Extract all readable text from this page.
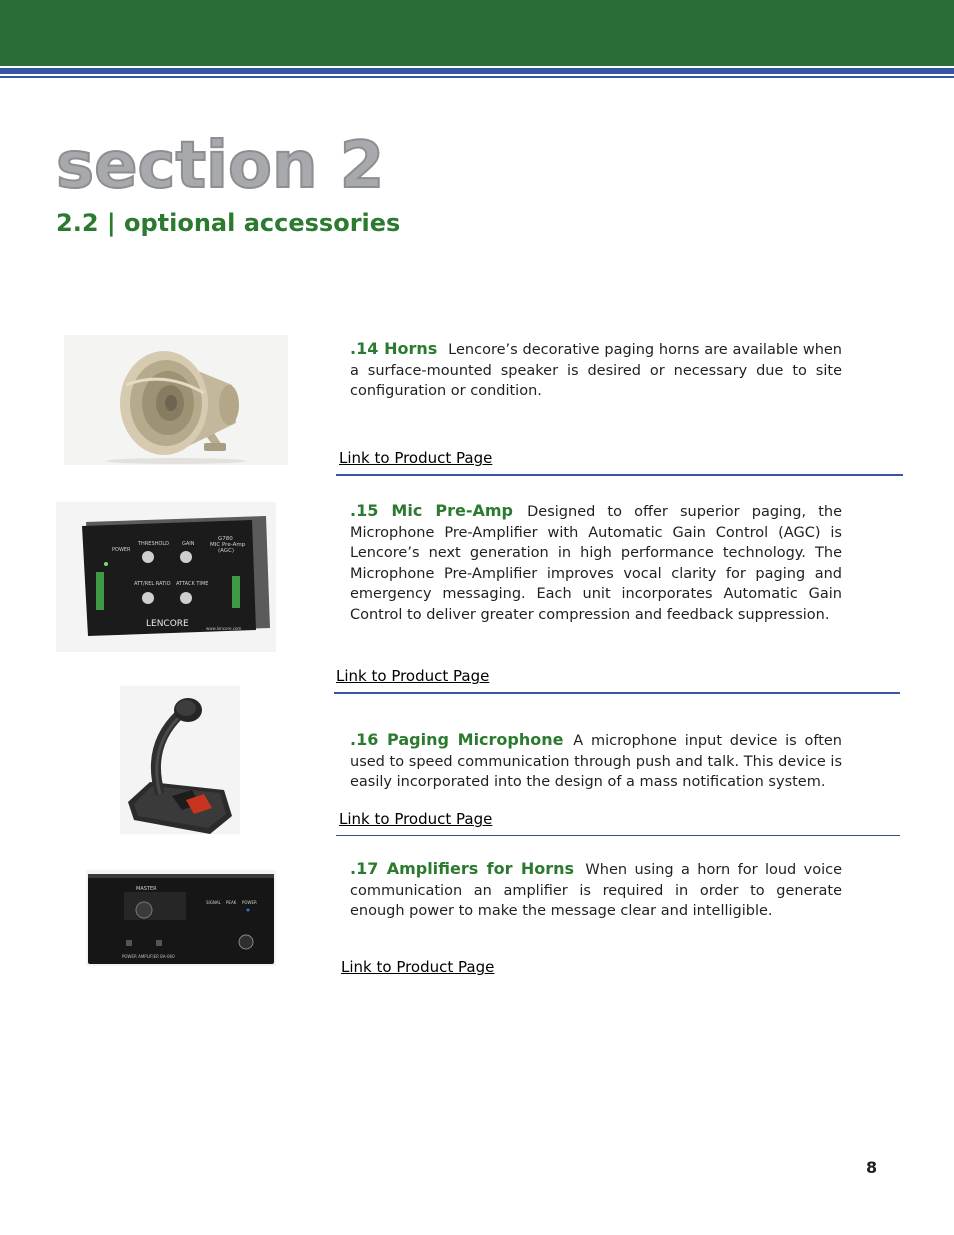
section 2
2.2 | optional accessories

.14 Horns Lencore’s decorative paging horns are available when a surface-mounted speaker is desired or necessary due to site configuration or condition.

Link to Product Page
POWER
THRESHOLD	GAIN
ATT/REL RATIO ATTACK TIME
G780
MIC Pre-Amp
(AGC)
LENCORE	www.lencore.com

.15 Mic Pre-Amp Designed to offer superior paging, the Microphone Pre-Amplifier with Automatic Gain Control (AGC) is Lencore’s next generation in high performance technology. The Microphone Pre-Amplifier improves vocal clarity for paging and emergency messaging. Each unit incorporates Automatic Gain Control to deliver greater compression and feedback suppression.

Link to Product Page

.16 Paging Microphone A microphone input device is often used to speed communication through push and talk. This device is easily incorporated into the design of a mass notification system.

Link to Product Page
MASTER
SIGNAL PEAK POWER
POWER AMPLIFIER BA-060

.17 Amplifiers for Horns When using a horn for loud voice communication an amplifier is required in order to generate enough power to make the message clear and intelligible.

Link to Product Page
8
